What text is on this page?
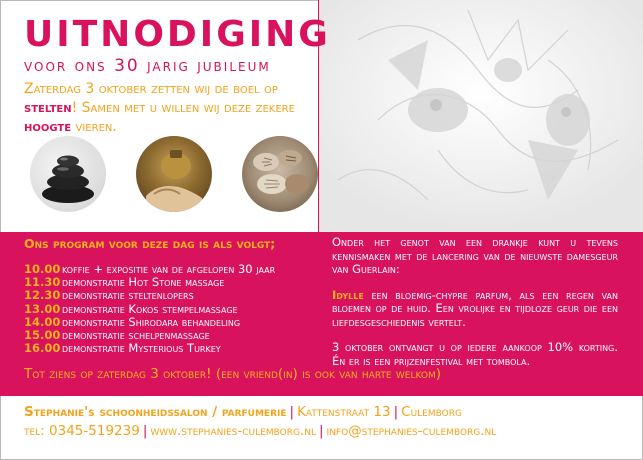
UITNODIGING
voor ons 30 jarig jubileum
Zaterdag 3 oktober zetten wij de boel op stelten! Samen met u willen wij deze zekere hoogte vieren.
Ons program voor deze dag is als volgt;
10.00 koffie + expositie van de afgelopen 30 jaar
11.30 demonstratie Hot Stone massage
12.30 demonstratie steltenlopers
13.00 demonstratie Kokos stempelmassage
14.00 demonstratie Shirodara behandeling
15.00 demonstratie schelpenmassage
16.00 demonstratie Mysterious Turkey

Onder het genot van een drankje kunt u tevens kennismaken met de lancering van de nieuwste damesgeur van Guerlain:

Idylle een bloemig-chypre parfum, als een regen van bloemen op de huid. Een vrolijke en tijdloze geur die een liefdesgeschiedenis vertelt.

3 oktober ontvangt u op iedere aankoop 10% korting. Én er is een prijzenfestival met tombola.

Tot ziens op zaterdag 3 oktober! (een vriend(in) is ook van harte welkom)
Stephanie's schoonheidssalon / parfumerie | Kattenstraat 13 | Culemborg
tel: 0345-519239 | www.stephanies-culemborg.nl | info@stephanies-culemborg.nl
